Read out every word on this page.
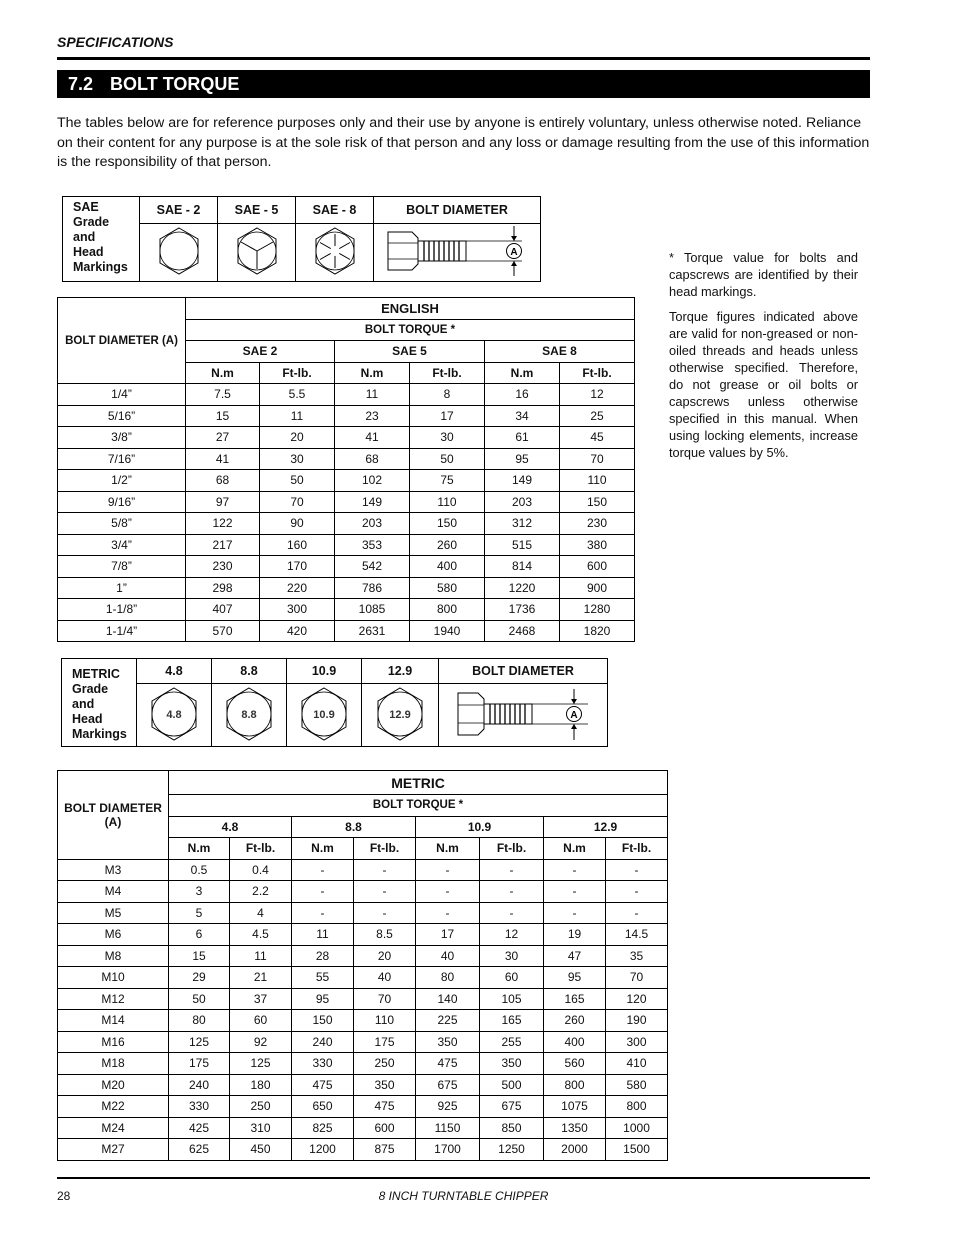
SPECIFICATIONS
7.2 BOLT TORQUE
The tables below are for reference purposes only and their use by anyone is entirely voluntary, unless otherwise noted. Reliance on their content for any purpose is at the sole risk of that person and any loss or damage resulting from the use of this information is the responsibility of that person.
SAE
Grade
and
Head
Markings	SAE - 2	SAE - 5	SAE - 8	BOLT DIAMETER

A
BOLT DIAMETER (A)	ENGLISH					
	BOLT TORQUE *					
	SAE 2		SAE 5		SAE 8	
	N.m	Ft-lb.	N.m	Ft-lb.	N.m	Ft-lb.
1/4”	7.5	5.5	11	8	16	12
5/16”	15	11	23	17	34	25
3/8”	27	20	41	30	61	45
7/16”	41	30	68	50	95	70
1/2”	68	50	102	75	149	110
9/16”	97	70	149	110	203	150
5/8”	122	90	203	150	312	230
3/4”	217	160	353	260	515	380
7/8”	230	170	542	400	814	600
1”	298	220	786	580	1220	900
1-1/8”	407	300	1085	800	1736	1280
1-1/4”	570	420	2631	1940	2468	1820
METRIC
Grade
and
Head
Markings	4.8	8.8	10.9	12.9	BOLT DIAMETER

4.8	8.8	10.9	12.9	A
BOLT DIAMETER (A)	METRIC							
	BOLT TORQUE *							
	4.8		8.8		10.9		12.9	
	N.m	Ft-lb.	N.m	Ft-lb.	N.m	Ft-lb.	N.m	Ft-lb.
M3	0.5	0.4	-	-	-	-	-	-
M4	3	2.2	-	-	-	-	-	-
M5	5	4	-	-	-	-	-	-
M6	6	4.5	11	8.5	17	12	19	14.5
M8	15	11	28	20	40	30	47	35
M10	29	21	55	40	80	60	95	70
M12	50	37	95	70	140	105	165	120
M14	80	60	150	110	225	165	260	190
M16	125	92	240	175	350	255	400	300
M18	175	125	330	250	475	350	560	410
M20	240	180	475	350	675	500	800	580
M22	330	250	650	475	925	675	1075	800
M24	425	310	825	600	1150	850	1350	1000
M27	625	450	1200	875	1700	1250	2000	1500

* Torque value for bolts and capscrews are identified by their head markings.

Torque figures indicated above are valid for non-greased or non-oiled threads and heads unless otherwise specified. Therefore, do not grease or oil bolts or capscrews unless otherwise specified in this manual. When using locking elements, increase torque values by 5%.

8 INCH TURNTABLE CHIPPER
28
